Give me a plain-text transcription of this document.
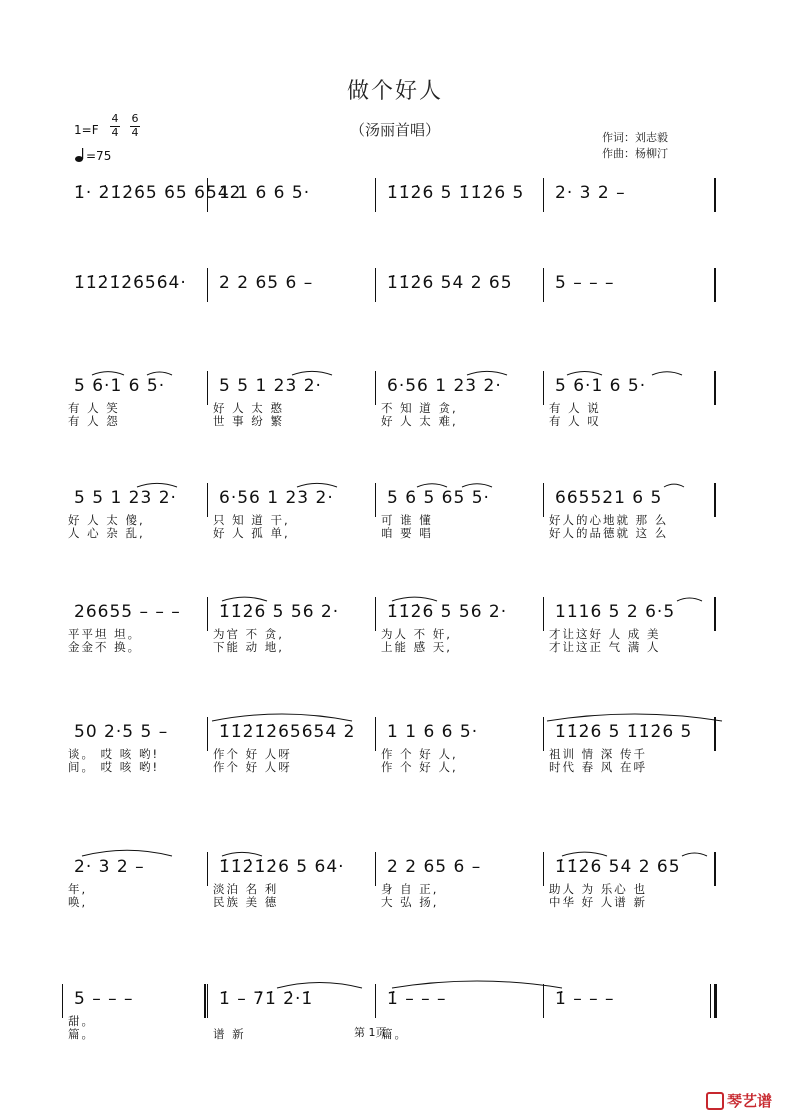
做个好人
（汤丽首唱）
1=F
$\frac{4}{4}$
$\frac{6}{4}$
=75
作词：刘志毅
作曲：杨柳汀
1̇· 2̇1̇2̇6̇5 6̇5 6542
1 1 6 6 5·	1̇1̇2̇6 5 1̇1̇2̇6 5 2· 3 2 –
1̇1̇2̇1̇2̇6̇5̇6̇4· 2 2 65 6 –	1̇1̇2̇6 54 2 65 5 – – –
5 6·1 6 5·
有 人 笑
有 人 怨
5 5 1 23 2·
好 人 太 憨
世 事 纷 繁
6·56 1 23 2·
不 知 道 贪,
好 人 太 难,
5 6·1 6 5·
有 人 说
有 人 叹
5 5 1 23 2·
好 人 太 傻,
人 心 杂 乱,
6·56 1 23 2·
只 知 道 干,
好 人 孤 单,
5 6 5 65 5·
可 谁 懂
咱 要 唱
665521 6 5
好人的心地就 那 么
好人的品德就 这 么
26655 – – –
平平坦 坦。
金金不 换。
1̇1̇2̇6 5 56 2·
为官 不 贪,
下能 动 地,
1̇1̇2̇6 5 56 2·
为人 不 奸,
上能 感 天,
1116 5 2 6·5
才让这好 人 成 美
才让这正 气 满 人
50 2·5 5 –
谈。 哎 咳 哟!
间。 哎 咳 哟!
1̇1̇2̇1̇2̇65654 2
作个 好 人呀
作个 好 人呀
1 1 6 6 5·
作 个 好 人,
作 个 好 人,
1̇1̇2̇6 5 1̇1̇2̇6 5
祖训 情 深 传千
时代 春 风 在呼
2· 3 2 –
年,
唤,
1̇1̇2̇1̇2̇6 5 64·
淡泊 名 利
民族 美 德
2 2 65 6 –
身 自 正,
大 弘 扬,
1̇1̇2̇6 54 2 65
助人 为 乐心 也
中华 好 人谱 新
5 – – –
甜。
篇。
1̇ – 7̇1̇ 2̇·1̇
谱 新
1̇ – – –
篇。
1̇ – – –
第 1页
琴艺谱
